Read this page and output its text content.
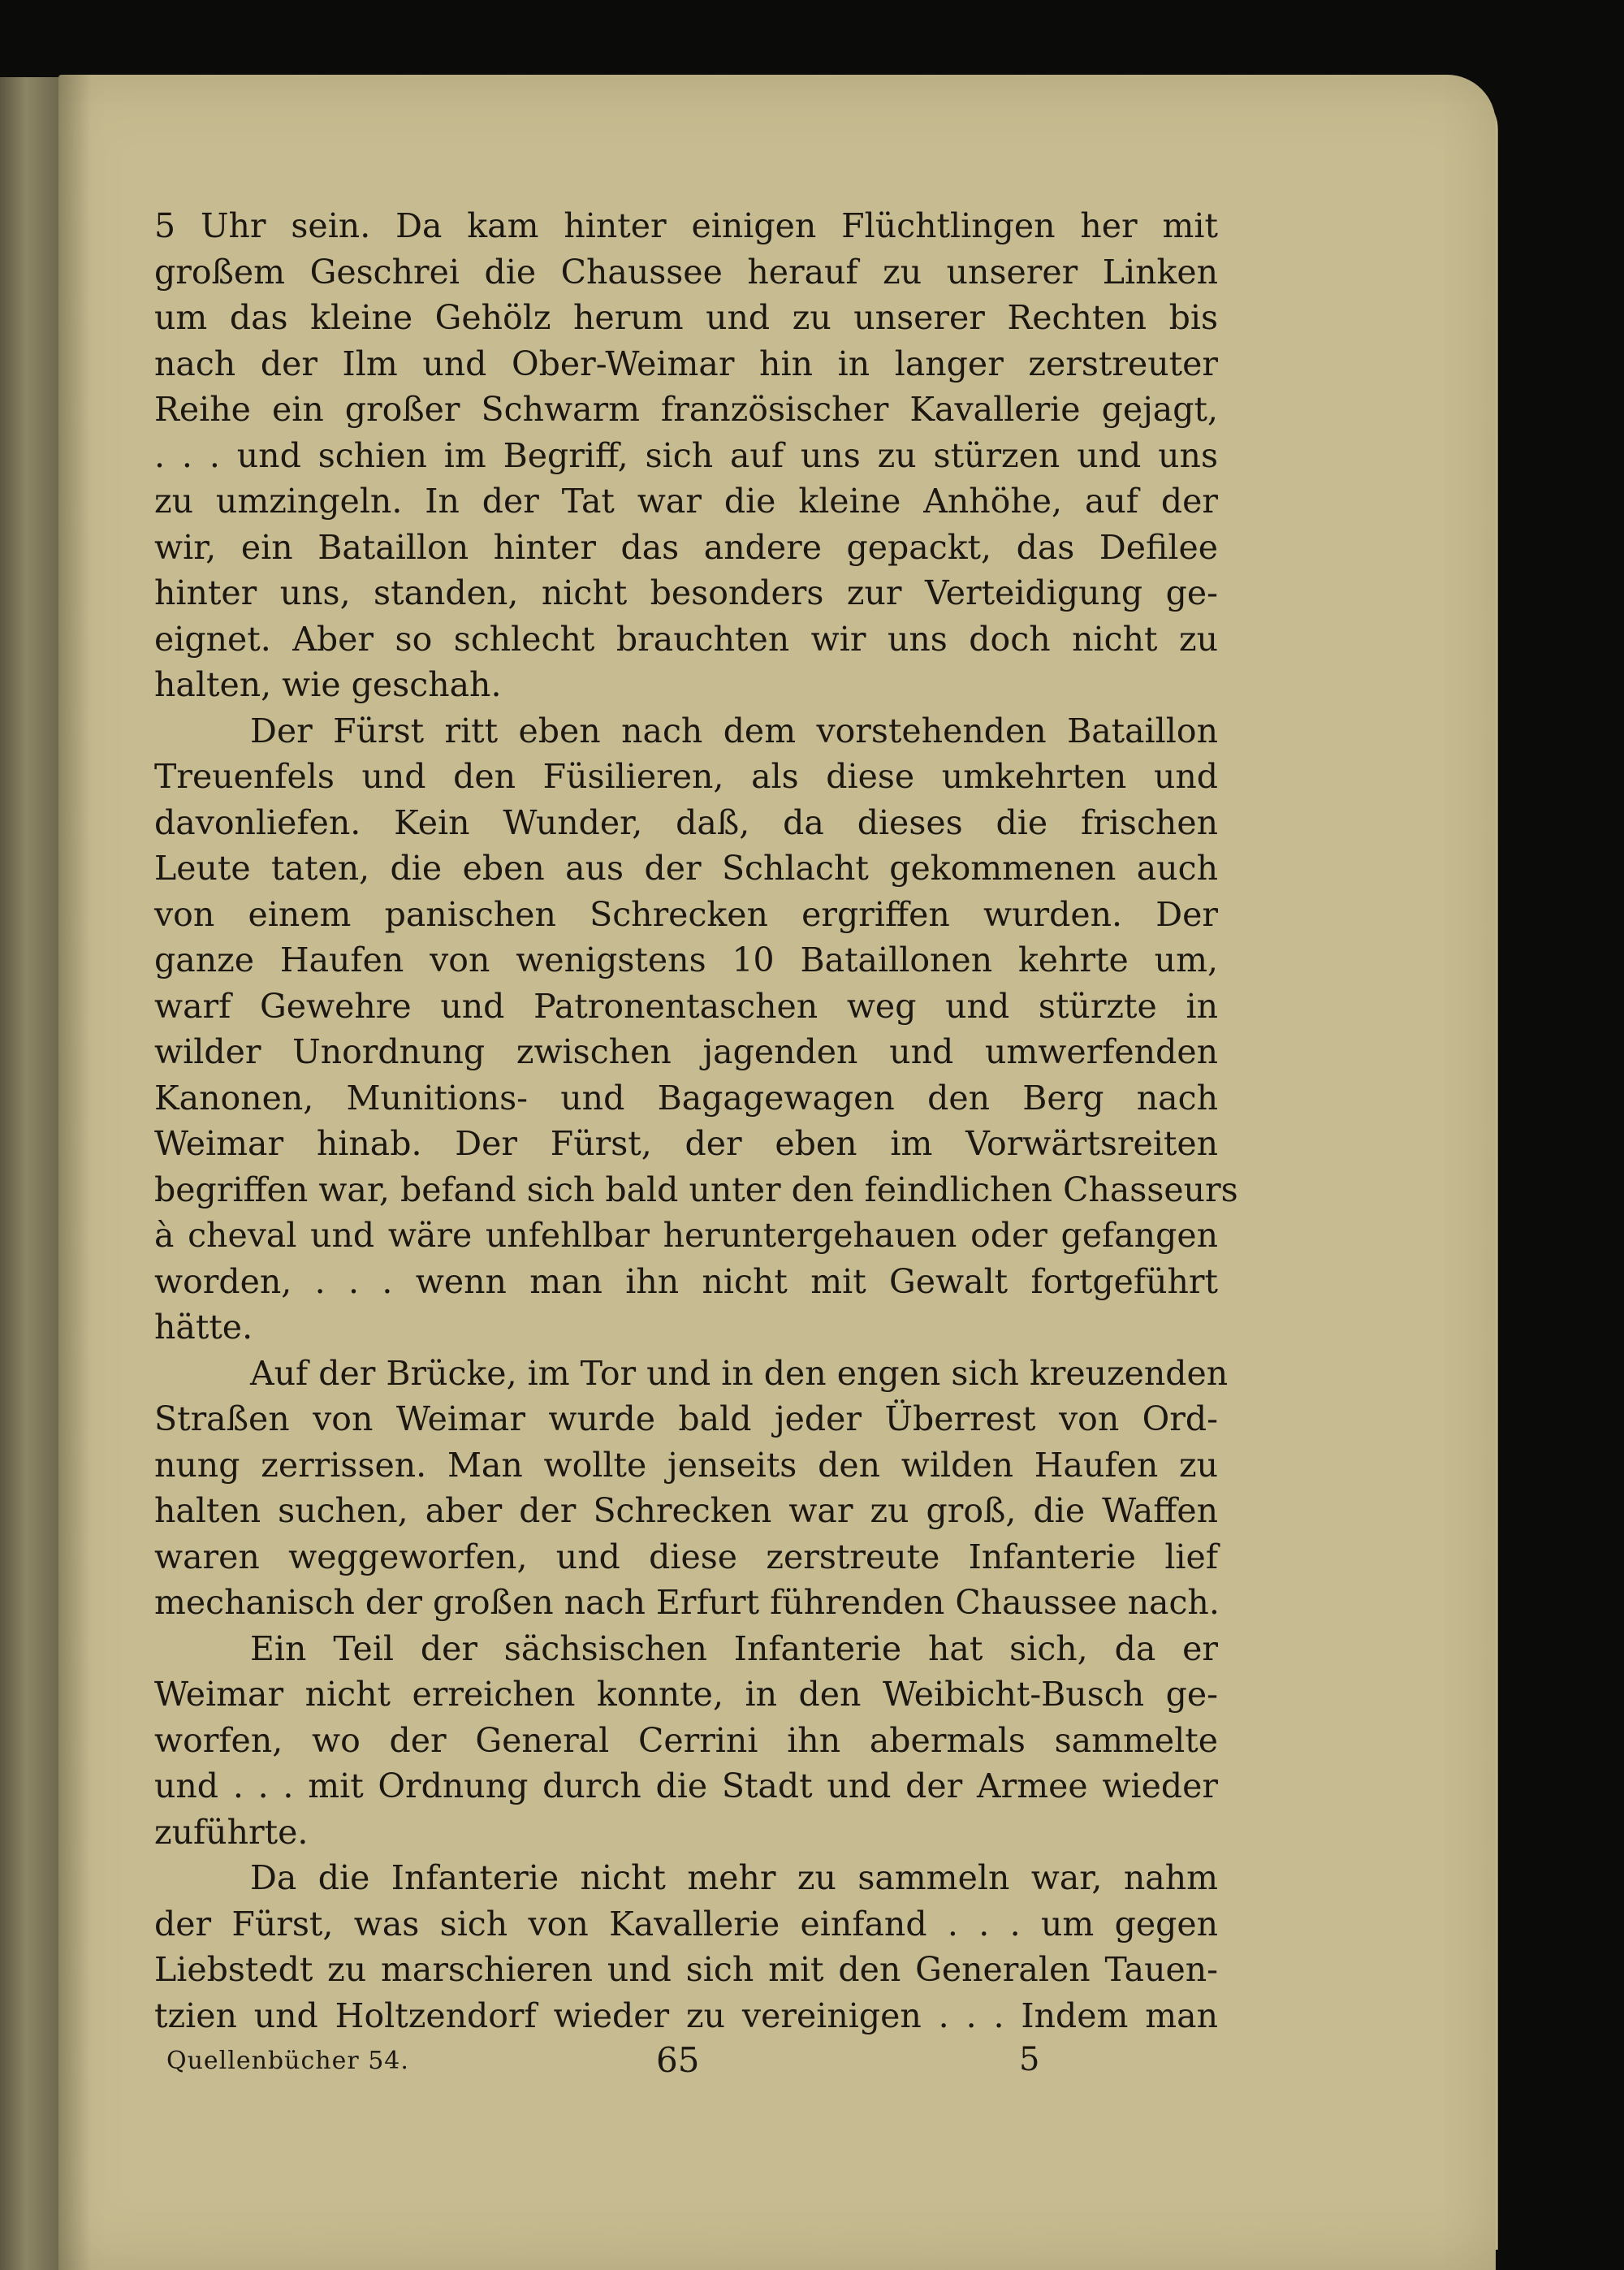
5 Uhr sein. Da kam hinter einigen Flüchtlingen her mit
großem Geschrei die Chaussee herauf zu unserer Linken
um das kleine Gehölz herum und zu unserer Rechten bis
nach der Ilm und Ober-Weimar hin in langer zerstreuter
Reihe ein großer Schwarm französischer Kavallerie gejagt,
. . . und schien im Begriff, sich auf uns zu stürzen und uns
zu umzingeln. In der Tat war die kleine Anhöhe, auf der
wir, ein Bataillon hinter das andere gepackt, das Defilee
hinter uns, standen, nicht besonders zur Verteidigung ge-
eignet. Aber so schlecht brauchten wir uns doch nicht zu
halten, wie geschah.
Der Fürst ritt eben nach dem vorstehenden Bataillon
Treuenfels und den Füsilieren, als diese umkehrten und
davonliefen. Kein Wunder, daß, da dieses die frischen
Leute taten, die eben aus der Schlacht gekommenen auch
von einem panischen Schrecken ergriffen wurden. Der
ganze Haufen von wenigstens 10 Bataillonen kehrte um,
warf Gewehre und Patronentaschen weg und stürzte in
wilder Unordnung zwischen jagenden und umwerfenden
Kanonen, Munitions- und Bagagewagen den Berg nach
Weimar hinab. Der Fürst, der eben im Vorwärtsreiten
begriffen war, befand sich bald unter den feindlichen Chasseurs
à cheval und wäre unfehlbar heruntergehauen oder gefangen
worden, . . . wenn man ihn nicht mit Gewalt fortgeführt
hätte.
Auf der Brücke, im Tor und in den engen sich kreuzenden
Straßen von Weimar wurde bald jeder Überrest von Ord-
nung zerrissen. Man wollte jenseits den wilden Haufen zu
halten suchen, aber der Schrecken war zu groß, die Waffen
waren weggeworfen, und diese zerstreute Infanterie lief
mechanisch der großen nach Erfurt führenden Chaussee nach.
Ein Teil der sächsischen Infanterie hat sich, da er
Weimar nicht erreichen konnte, in den Weibicht-Busch ge-
worfen, wo der General Cerrini ihn abermals sammelte
und . . . mit Ordnung durch die Stadt und der Armee wieder
zuführte.
Da die Infanterie nicht mehr zu sammeln war, nahm
der Fürst, was sich von Kavallerie einfand . . . um gegen
Liebstedt zu marschieren und sich mit den Generalen Tauen-
tzien und Holtzendorf wieder zu vereinigen . . . Indem man
Quellenbücher 54.	65	5
